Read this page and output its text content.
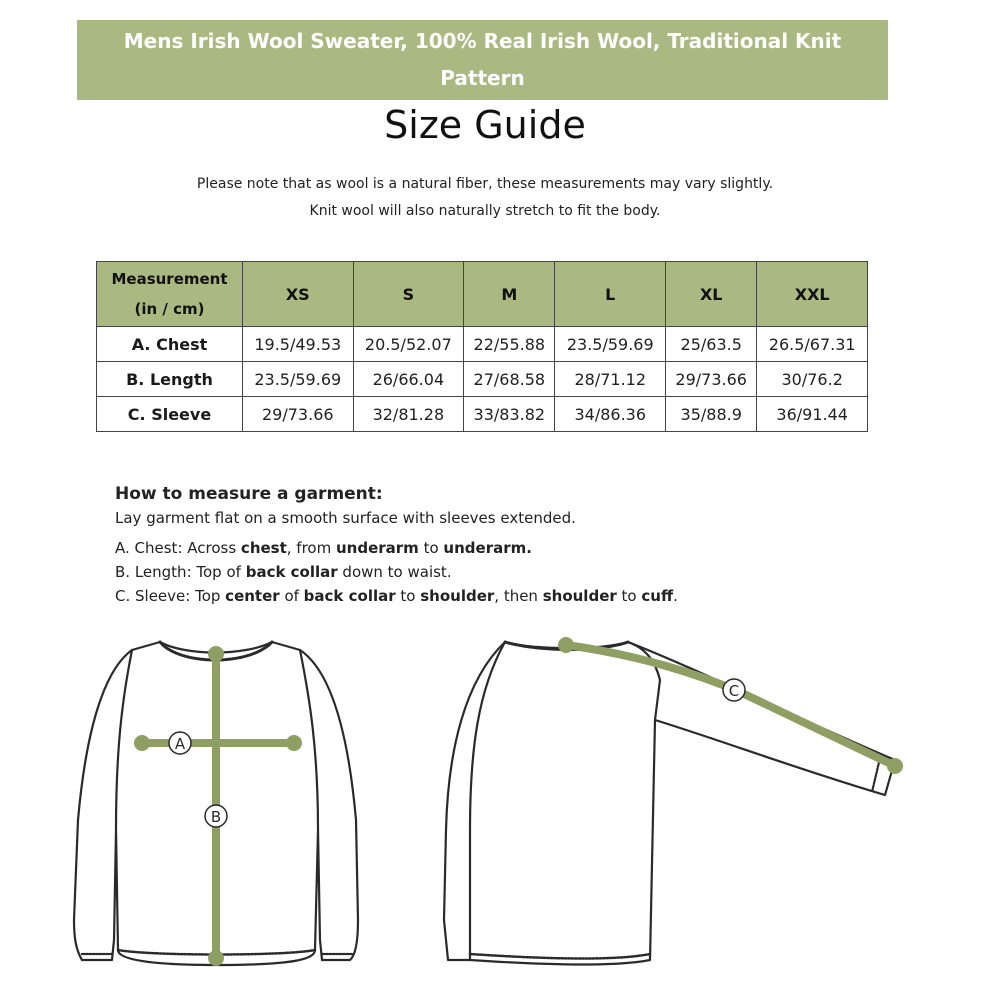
Mens Irish Wool Sweater, 100% Real Irish Wool, Traditional Knit Pattern
Size Guide
Please note that as wool is a natural fiber, these measurements may vary slightly.
Knit wool will also naturally stretch to fit the body.
Measurement
(in / cm)	XS	S	M	L	XL	XXL
A. Chest	19.5/49.53	20.5/52.07	22/55.88	23.5/59.69	25/63.5	26.5/67.31
B. Length	23.5/59.69	26/66.04	27/68.58	28/71.12	29/73.66	30/76.2
C. Sleeve	29/73.66	32/81.28	33/83.82	34/86.36	35/88.9	36/91.44
How to measure a garment:
Lay garment flat on a smooth surface with sleeves extended.
A. Chest: Across chest, from underarm to underarm.
B. Length: Top of back collar down to waist.
C. Sleeve: Top center of back collar to shoulder, then shoulder to cuff.
A
B
C
